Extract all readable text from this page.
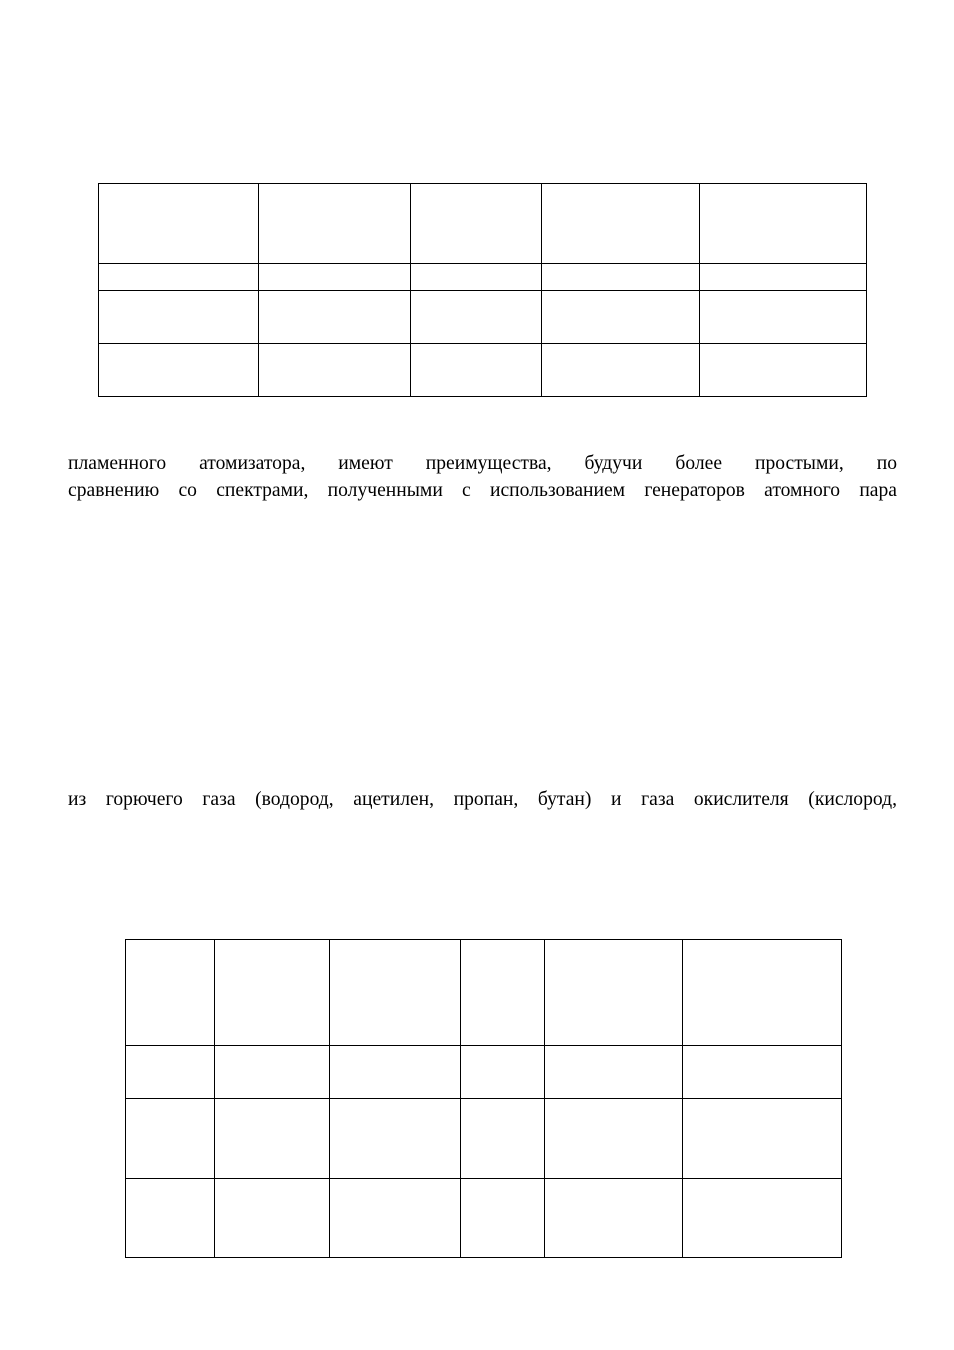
пламенного атомизатора, имеют преимущества, будучи более простыми, по
сравнению со спектрами, полученными с использованием генераторов атомного пара

из горючего газа (водород, ацетилен, пропан, бутан) и газа окислителя (кислород,
